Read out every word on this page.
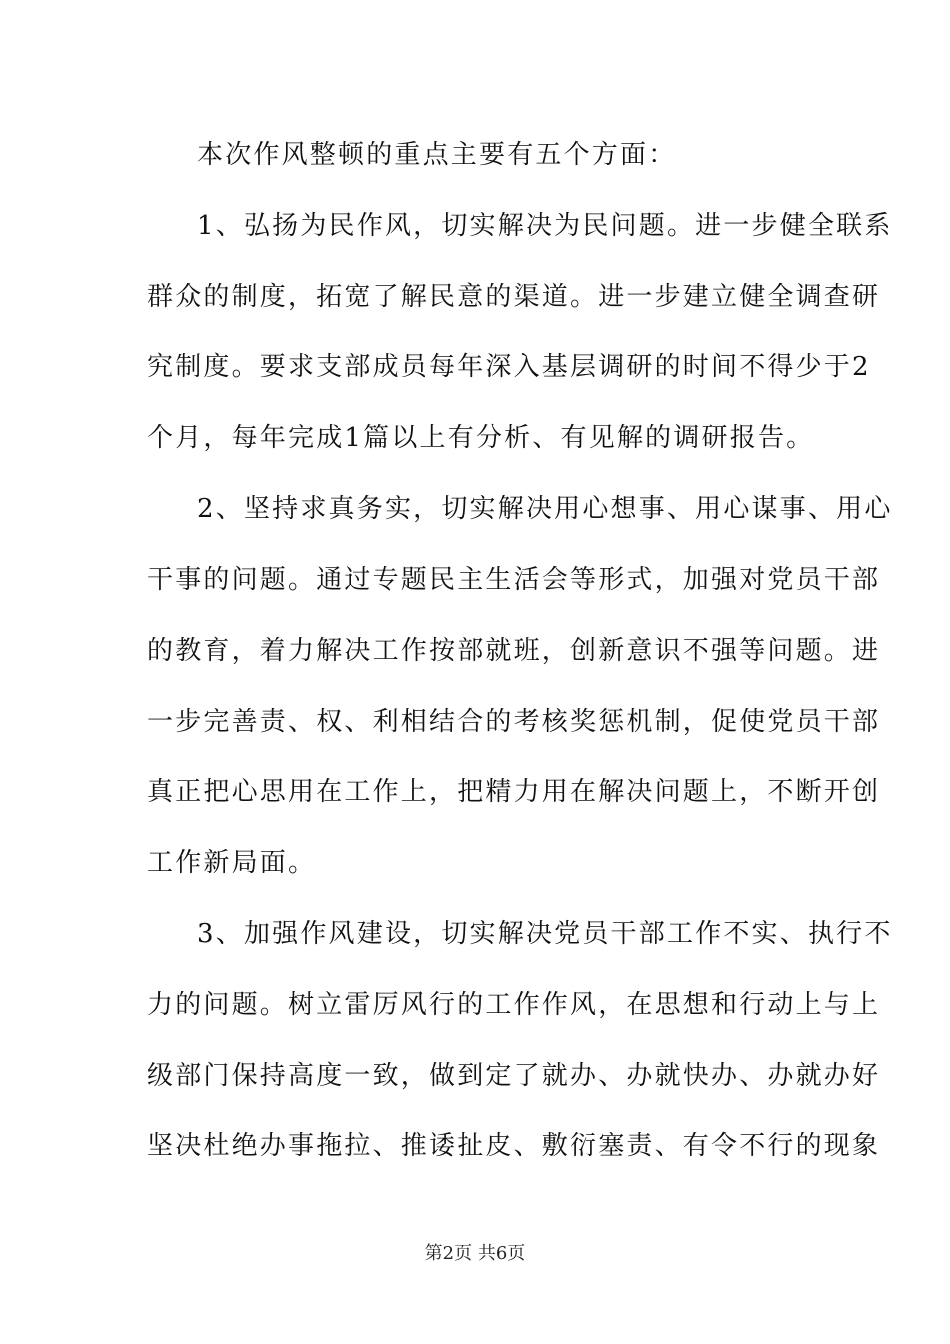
本次作风整顿的重点主要有五个方面：
1、弘扬为民作风，切实解决为民问题。进一步健全联系
群众的制度，拓宽了解民意的渠道。进一步建立健全调查研
究制度。要求支部成员每年深入基层调研的时间不得少于2
个月，每年完成1篇以上有分析、有见解的调研报告。
2、坚持求真务实，切实解决用心想事、用心谋事、用心
干事的问题。通过专题民主生活会等形式，加强对党员干部
的教育，着力解决工作按部就班，创新意识不强等问题。进
一步完善责、权、利相结合的考核奖惩机制，促使党员干部
真正把心思用在工作上，把精力用在解决问题上，不断开创
工作新局面。
3、加强作风建设，切实解决党员干部工作不实、执行不
力的问题。树立雷厉风行的工作作风，在思想和行动上与上
级部门保持高度一致，做到定了就办、办就快办、办就办好
坚决杜绝办事拖拉、推诿扯皮、敷衍塞责、有令不行的现象
第2页 共6页
